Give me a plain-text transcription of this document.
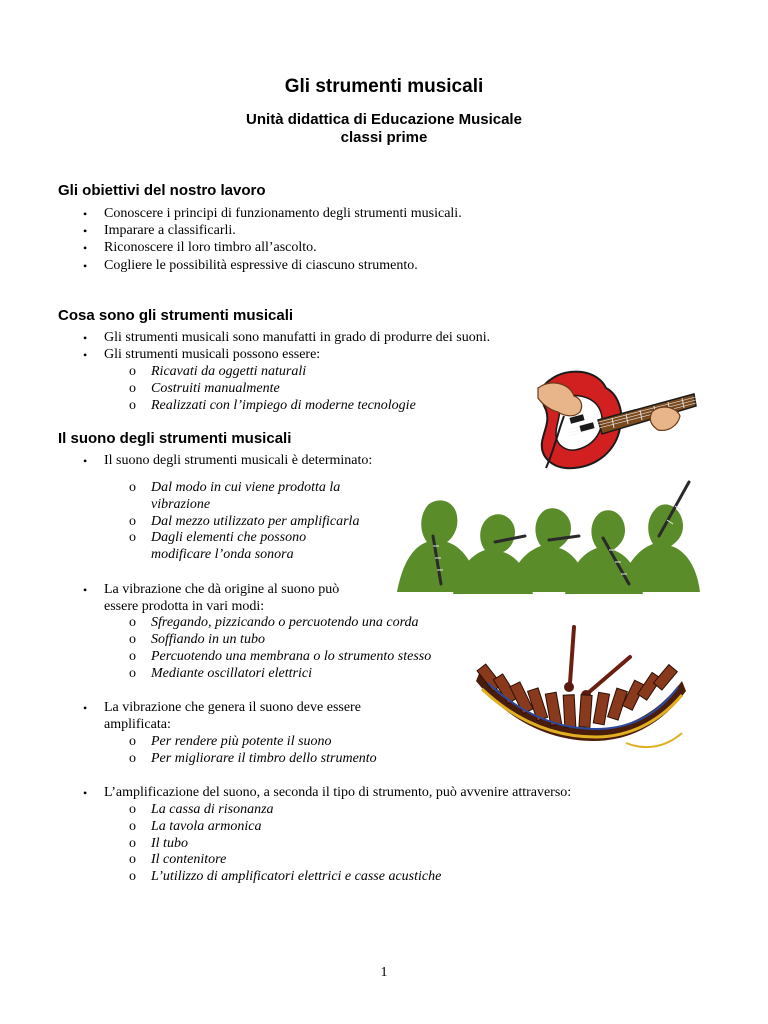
Gli strumenti musicali
Unità didattica di Educazione Musicale
classi prime
Gli obiettivi del nostro lavoro
• Conoscere i principi di funzionamento degli strumenti musicali.
• Imparare a classificarli.
• Riconoscere il loro timbro all’ascolto.
• Cogliere le possibilità espressive di ciascuno strumento.
Cosa sono gli strumenti musicali
• Gli strumenti musicali sono manufatti in grado di produrre dei suoni.
• Gli strumenti musicali possono essere:
o Ricavati da oggetti naturali
o Costruiti manualmente
o Realizzati con l’impiego di moderne tecnologie
Il suono degli strumenti musicali
• Il suono degli strumenti musicali è determinato:
o Dal modo in cui viene prodotta la
vibrazione
o Dal mezzo utilizzato per amplificarla
o Dagli elementi che possono
modificare l’onda sonora
• La vibrazione che dà origine al suono può
essere prodotta in vari modi:
o Sfregando, pizzicando o percuotendo una corda
o Soffiando in un tubo
o Percuotendo una membrana o lo strumento stesso
o Mediante oscillatori elettrici
• La vibrazione che genera il suono deve essere
amplificata:
o Per rendere più potente il suono
o Per migliorare il timbro dello strumento
• L’amplificazione del suono, a seconda il tipo di strumento, può avvenire attraverso:
o La cassa di risonanza
o La tavola armonica
o Il tubo
o Il contenitore
o L’utilizzo di amplificatori elettrici e casse acustiche
1
